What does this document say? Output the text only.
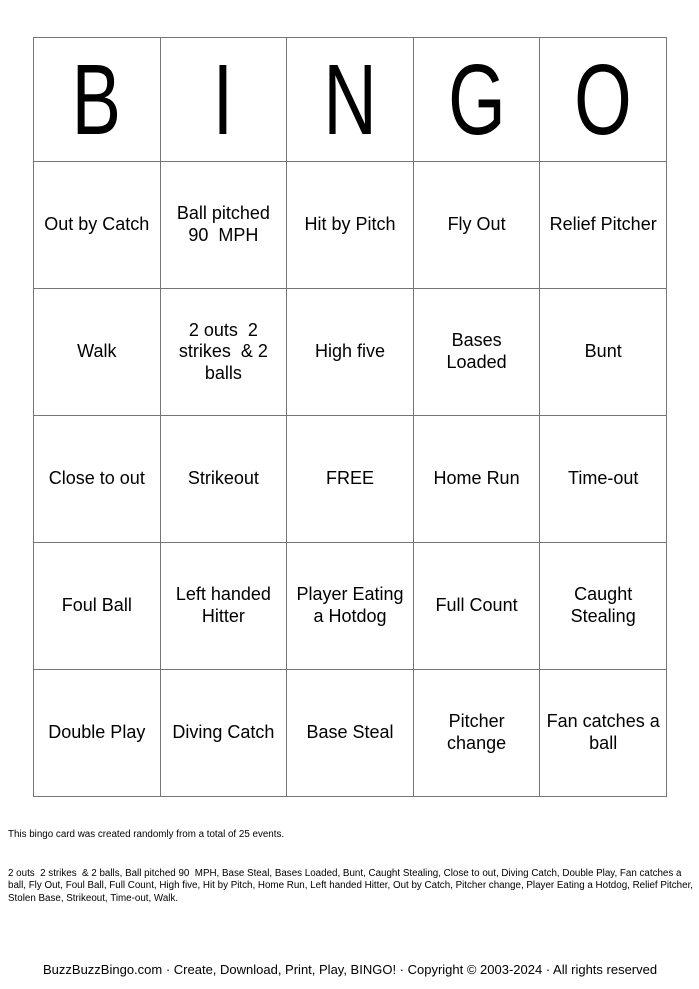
B	I	N	G	O
Out by Catch	Ball pitched 90  MPH	Hit by Pitch	Fly Out	Relief Pitcher
Walk	2 outs  2 strikes  & 2 balls	High five	Bases Loaded	Bunt
Close to out	Strikeout	FREE	Home Run	Time-out
Foul Ball	Left handed Hitter	Player Eating a Hotdog	Full Count	Caught Stealing
Double Play	Diving Catch	Base Steal	Pitcher change	Fan catches a ball

This bingo card was created randomly from a total of 25 events.

2 outs  2 strikes  & 2 balls, Ball pitched 90  MPH, Base Steal, Bases Loaded, Bunt, Caught Stealing, Close to out, Diving Catch, Double Play, Fan catches a ball, Fly Out, Foul Ball, Full Count, High five, Hit by Pitch, Home Run, Left handed Hitter, Out by Catch, Pitcher change, Player Eating a Hotdog, Relief Pitcher, Stolen Base, Strikeout, Time-out, Walk.

BuzzBuzzBingo.com · Create, Download, Print, Play, BINGO! · Copyright © 2003-2024 · All rights reserved
